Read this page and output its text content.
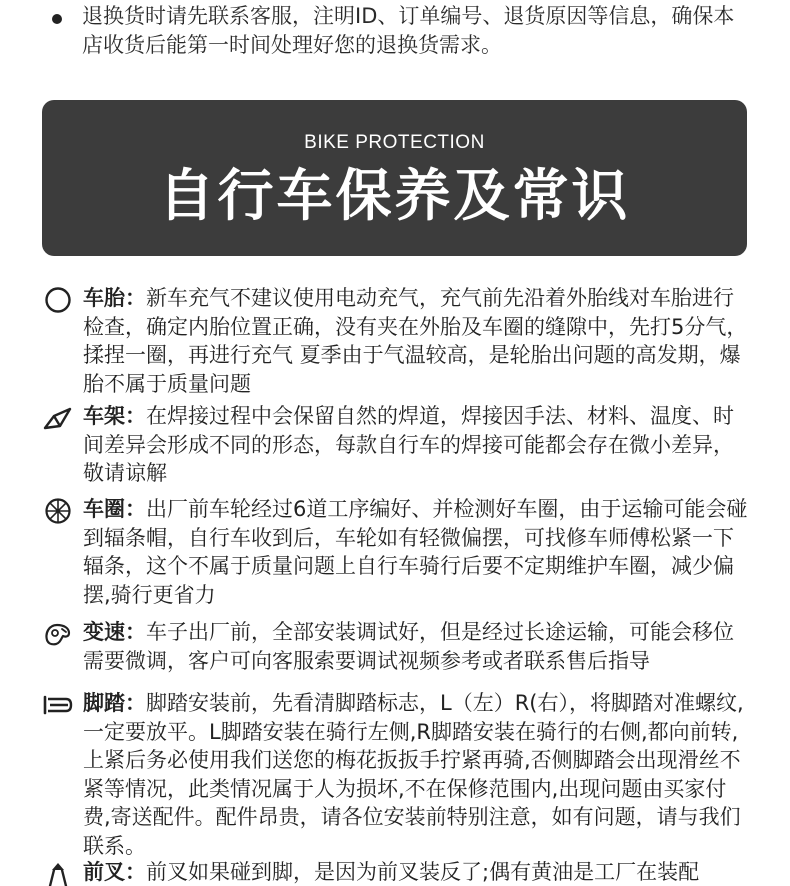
退换货时请先联系客服，注明ID、订单编号、退货原因等信息，确保本店收货后能第一时间处理好您的退换货需求。
BIKE PROTECTION
自行车保养及常识
车胎：新车充气不建议使用电动充气，充气前先沿着外胎线对车胎进行检查，确定内胎位置正确，没有夹在外胎及车圈的缝隙中，先打5分气，揉捏一圈，再进行充气 夏季由于气温较高，是轮胎出问题的高发期，爆胎不属于质量问题
车架：在焊接过程中会保留自然的焊道，焊接因手法、材料、温度、时间差异会形成不同的形态，每款自行车的焊接可能都会存在微小差异，敬请谅解
车圈：出厂前车轮经过6道工序编好、并检测好车圈，由于运输可能会碰到辐条帽，自行车收到后，车轮如有轻微偏摆，可找修车师傅松紧一下辐条，这个不属于质量问题上自行车骑行后要不定期维护车圈，减少偏摆,骑行更省力
变速：车子出厂前，全部安装调试好，但是经过长途运输，可能会移位需要微调，客户可向客服索要调试视频参考或者联系售后指导
脚踏：脚踏安装前，先看清脚踏标志，L（左）R(右），将脚踏对准螺纹,一定要放平。L脚踏安装在骑行左侧,R脚踏安装在骑行的右侧,都向前转,上紧后务必使用我们送您的梅花扳扳手拧紧再骑,否侧脚踏会出现滑丝不紧等情况，此类情况属于人为损坏,不在保修范围内,出现问题由买家付费,寄送配件。配件昂贵，请各位安装前特别注意，如有问题，请与我们联系。
前叉：前叉如果碰到脚，是因为前叉装反了;偶有黄油是工厂在装配
